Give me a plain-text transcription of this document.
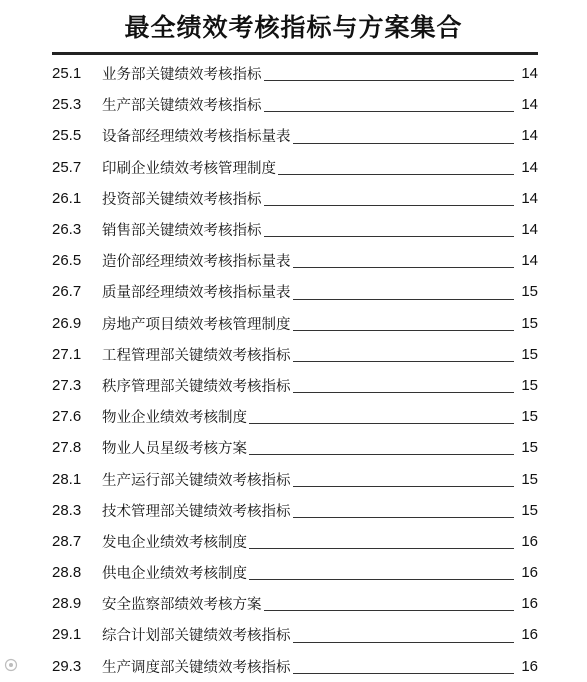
最全绩效考核指标与方案集合
25.1	业务部关键绩效考核指标	14
25.3	生产部关键绩效考核指标	14
25.5	设备部经理绩效考核指标量表	14
25.7	印刷企业绩效考核管理制度	14
26.1	投资部关键绩效考核指标	14
26.3	销售部关键绩效考核指标	14
26.5	造价部经理绩效考核指标量表	14
26.7	质量部经理绩效考核指标量表	15
26.9	房地产项目绩效考核管理制度	15
27.1	工程管理部关键绩效考核指标	15
27.3	秩序管理部关键绩效考核指标	15
27.6	物业企业绩效考核制度	15
27.8	物业人员星级考核方案	15
28.1	生产运行部关键绩效考核指标	15
28.3	技术管理部关键绩效考核指标	15
28.7	发电企业绩效考核制度	16
28.8	供电企业绩效考核制度	16
28.9	安全监察部绩效考核方案	16
29.1	综合计划部关键绩效考核指标	16
29.3	生产调度部关键绩效考核指标	16
